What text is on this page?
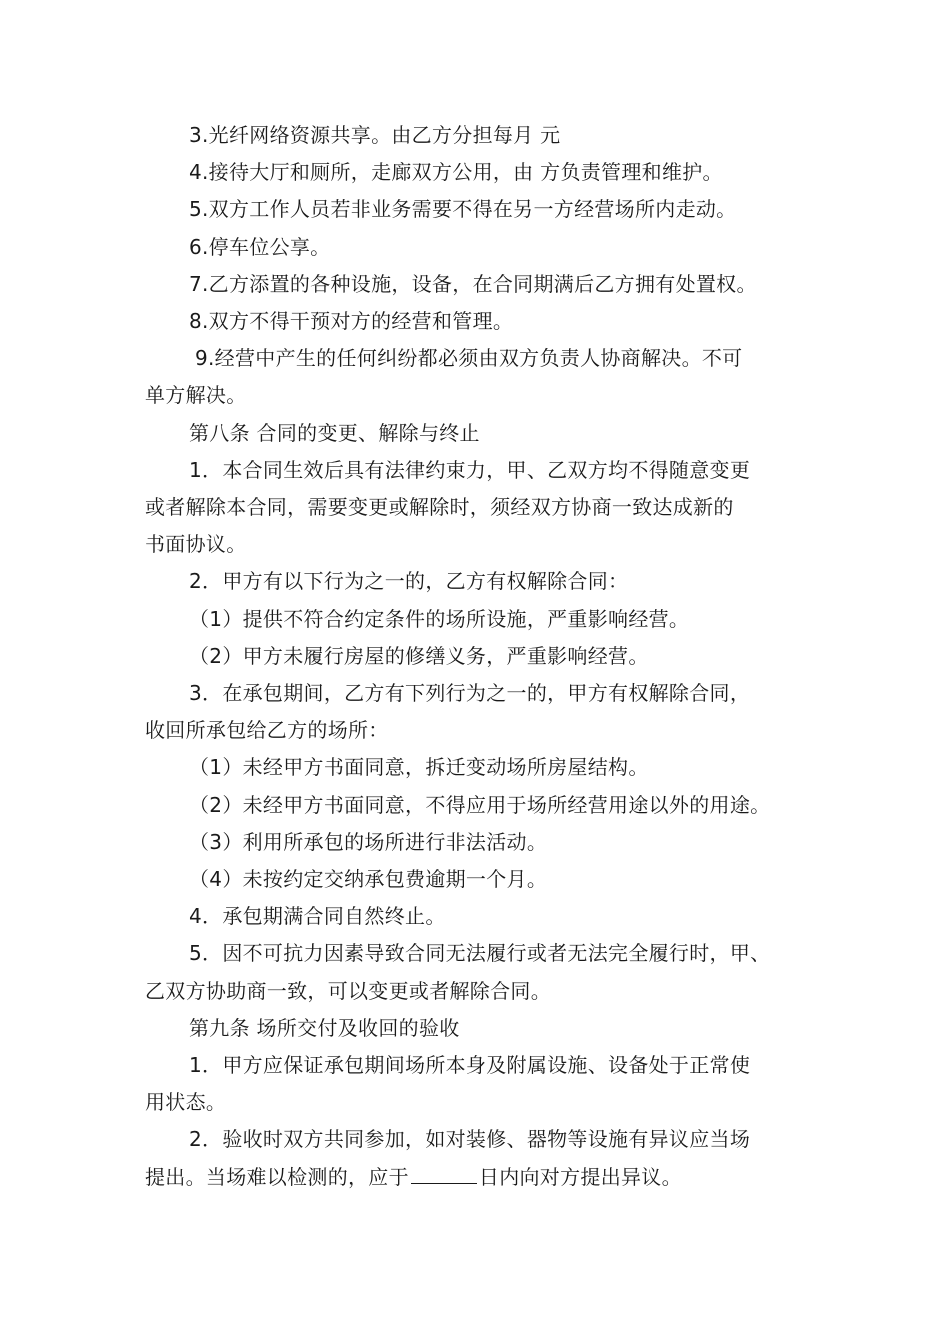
3.光纤网络资源共享。由乙方分担每月 元

4.接待大厅和厕所，走廊双方公用，由 方负责管理和维护。

5.双方工作人员若非业务需要不得在另一方经营场所内走动。

6.停车位公享。

7.乙方添置的各种设施，设备，在合同期满后乙方拥有处置权。

8.双方不得干预对方的经营和管理。

9.经营中产生的任何纠纷都必须由双方负责人协商解决。不可

单方解决。

第八条 合同的变更、解除与终止

1．本合同生效后具有法律约束力，甲、乙双方均不得随意变更

或者解除本合同，需要变更或解除时，须经双方协商一致达成新的

书面协议。

2．甲方有以下行为之一的，乙方有权解除合同：

（1）提供不符合约定条件的场所设施，严重影响经营。

（2）甲方未履行房屋的修缮义务，严重影响经营。

3．在承包期间，乙方有下列行为之一的，甲方有权解除合同，

收回所承包给乙方的场所：

（1）未经甲方书面同意，拆迁变动场所房屋结构。

（2）未经甲方书面同意，不得应用于场所经营用途以外的用途。

（3）利用所承包的场所进行非法活动。

（4）未按约定交纳承包费逾期一个月。

4．承包期满合同自然终止。

5．因不可抗力因素导致合同无法履行或者无法完全履行时，甲、

乙双方协助商一致，可以变更或者解除合同。

第九条 场所交付及收回的验收

1．甲方应保证承包期间场所本身及附属设施、设备处于正常使

用状态。

2．验收时双方共同参加，如对装修、器物等设施有异议应当场

提出。当场难以检测的，应于	日内向对方提出异议。
